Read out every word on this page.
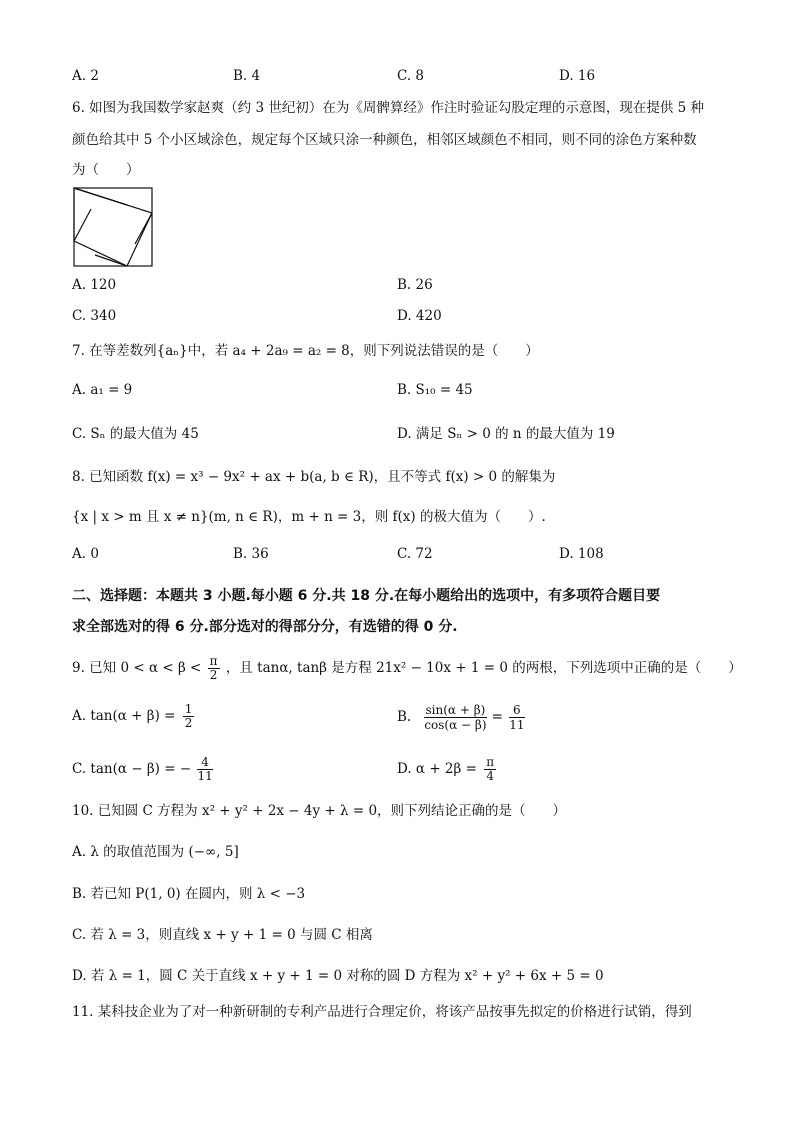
A. 2	B. 4	C. 8	D. 16
6. 如图为我国数学家赵爽（约 3 世纪初）在为《周髀算经》作注时验证勾股定理的示意图，现在提供 5 种
颜色给其中 5 个小区域涂色，规定每个区域只涂一种颜色，相邻区域颜色不相同，则不同的涂色方案种数
为（　　）
A. 120	B. 26
C. 340	D. 420
7. 在等差数列{aₙ}中，若 a₄ + 2a₉ = a₂ = 8，则下列说法错误的是（　　）
A. a₁ = 9	B. S₁₀ = 45
C. Sₙ 的最大值为 45	D. 满足 Sₙ > 0 的 n 的最大值为 19
8. 已知函数 f(x) = x³ − 9x² + ax + b(a, b ∈ R)，且不等式 f(x) > 0 的解集为
{x | x > m 且 x ≠ n}(m, n ∈ R)，m + n = 3，则 f(x) 的极大值为（　　）.
A. 0	B. 36	C. 72	D. 108
二、选择题：本题共 3 小题.每小题 6 分.共 18 分.在每小题给出的选项中，有多项符合题目要
求全部选对的得 6 分.部分选对的得部分分，有选错的得 0 分.
9. 已知 $0 < \alpha < \beta < \frac{\pi}{2}$ ，且 tanα, tanβ 是方程 21x² − 10x + 1 = 0 的两根，下列选项中正确的是（　　）
A. $\tan(\alpha + \beta) = \frac{1}{2}$	B. $\frac{\sin(\alpha + \beta)}{\cos(\alpha - \beta)} = \frac{6}{11}$
C. tan(α − β) = − $\frac{4}{11}$	D. $\alpha + 2\beta = \frac{\pi}{4}$
10. 已知圆 C 方程为 x² + y² + 2x − 4y + λ = 0，则下列结论正确的是（　　）
A. λ 的取值范围为 (−∞, 5]
B. 若已知 P(1, 0) 在圆内，则 λ < −3
C. 若 λ = 3，则直线 x + y + 1 = 0 与圆 C 相离
D. 若 λ = 1，圆 C 关于直线 x + y + 1 = 0 对称的圆 D 方程为 x² + y² + 6x + 5 = 0
11. 某科技企业为了对一种新研制的专利产品进行合理定价，将该产品按事先拟定的价格进行试销，得到
